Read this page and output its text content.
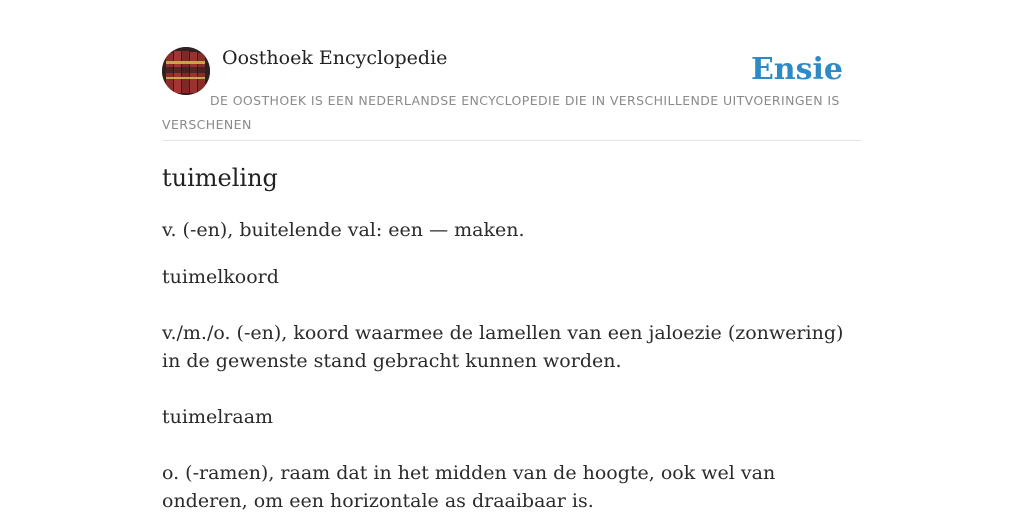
Oosthoek Encyclopedie	Ensie
DE OOSTHOEK IS EEN NEDERLANDSE ENCYCLOPEDIE DIE IN VERSCHILLENDE UITVOERINGEN IS VERSCHENEN
tuimeling
v. (-en), buitelende val: een — maken.
tuimelkoord
v./m./o. (-en), koord waarmee de lamellen van een jaloezie (zonwering) in de gewenste stand gebracht kunnen worden.
tuimelraam
o. (-ramen), raam dat in het midden van de hoogte, ook wel van onderen, om een horizontale as draaibaar is.
